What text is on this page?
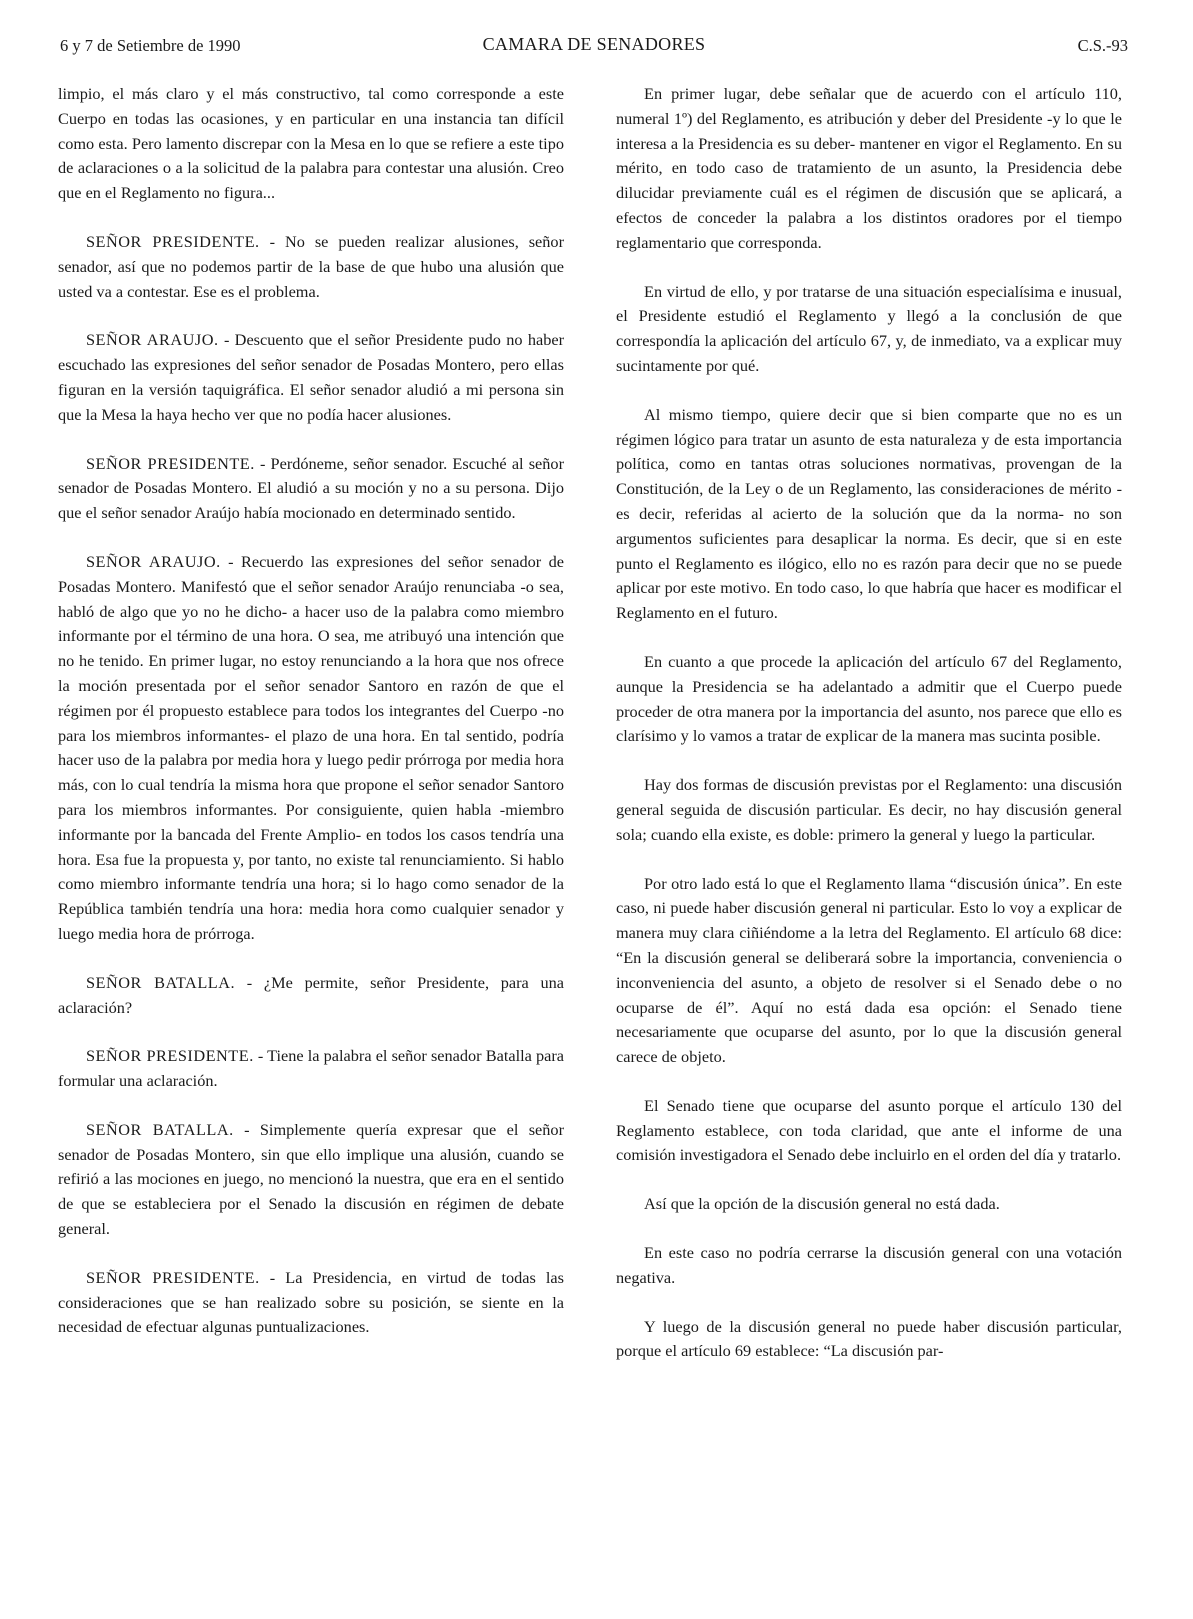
6 y 7 de Setiembre de 1990	CAMARA DE SENADORES	C.S.-93

limpio, el más claro y el más constructivo, tal como corresponde a este Cuerpo en todas las ocasiones, y en particular en una instancia tan difícil como esta. Pero lamento discrepar con la Mesa en lo que se refiere a este tipo de aclaraciones o a la solicitud de la palabra para contestar una alusión. Creo que en el Reglamento no figura...

SEÑOR PRESIDENTE. - No se pueden realizar alusiones, señor senador, así que no podemos partir de la base de que hubo una alusión que usted va a contestar. Ese es el problema.

SEÑOR ARAUJO. - Descuento que el señor Presidente pudo no haber escuchado las expresiones del señor senador de Posadas Montero, pero ellas figuran en la versión taquigráfica. El señor senador aludió a mi persona sin que la Mesa la haya hecho ver que no podía hacer alusiones.

SEÑOR PRESIDENTE. - Perdóneme, señor senador. Escuché al señor senador de Posadas Montero. El aludió a su moción y no a su persona. Dijo que el señor senador Araújo había mocionado en determinado sentido.

SEÑOR ARAUJO. - Recuerdo las expresiones del señor senador de Posadas Montero. Manifestó que el señor senador Araújo renunciaba -o sea, habló de algo que yo no he dicho- a hacer uso de la palabra como miembro informante por el término de una hora. O sea, me atribuyó una intención que no he tenido. En primer lugar, no estoy renunciando a la hora que nos ofrece la moción presentada por el señor senador Santoro en razón de que el régimen por él propuesto establece para todos los integrantes del Cuerpo -no para los miembros informantes- el plazo de una hora. En tal sentido, podría hacer uso de la palabra por media hora y luego pedir prórroga por media hora más, con lo cual tendría la misma hora que propone el señor senador Santoro para los miembros informantes. Por consiguiente, quien habla -miembro informante por la bancada del Frente Amplio- en todos los casos tendría una hora. Esa fue la propuesta y, por tanto, no existe tal renunciamiento. Si hablo como miembro informante tendría una hora; si lo hago como senador de la República también tendría una hora: media hora como cualquier senador y luego media hora de prórroga.

SEÑOR BATALLA. - ¿Me permite, señor Presidente, para una aclaración?

SEÑOR PRESIDENTE. - Tiene la palabra el señor senador Batalla para formular una aclaración.

SEÑOR BATALLA. - Simplemente quería expresar que el señor senador de Posadas Montero, sin que ello implique una alusión, cuando se refirió a las mociones en juego, no mencionó la nuestra, que era en el sentido de que se estableciera por el Senado la discusión en régimen de debate general.

SEÑOR PRESIDENTE. - La Presidencia, en virtud de todas las consideraciones que se han realizado sobre su posición, se siente en la necesidad de efectuar algunas puntualizaciones.

En primer lugar, debe señalar que de acuerdo con el artículo 110, numeral 1º) del Reglamento, es atribución y deber del Presidente -y lo que le interesa a la Presidencia es su deber- mantener en vigor el Reglamento. En su mérito, en todo caso de tratamiento de un asunto, la Presidencia debe dilucidar previamente cuál es el régimen de discusión que se aplicará, a efectos de conceder la palabra a los distintos oradores por el tiempo reglamentario que corresponda.

En virtud de ello, y por tratarse de una situación especialísima e inusual, el Presidente estudió el Reglamento y llegó a la conclusión de que correspondía la aplicación del artículo 67, y, de inmediato, va a explicar muy sucintamente por qué.

Al mismo tiempo, quiere decir que si bien comparte que no es un régimen lógico para tratar un asunto de esta naturaleza y de esta importancia política, como en tantas otras soluciones normativas, provengan de la Constitución, de la Ley o de un Reglamento, las consideraciones de mérito -es decir, referidas al acierto de la solución que da la norma- no son argumentos suficientes para desaplicar la norma. Es decir, que si en este punto el Reglamento es ilógico, ello no es razón para decir que no se puede aplicar por este motivo. En todo caso, lo que habría que hacer es modificar el Reglamento en el futuro.

En cuanto a que procede la aplicación del artículo 67 del Reglamento, aunque la Presidencia se ha adelantado a admitir que el Cuerpo puede proceder de otra manera por la importancia del asunto, nos parece que ello es clarísimo y lo vamos a tratar de explicar de la manera mas sucinta posible.

Hay dos formas de discusión previstas por el Reglamento: una discusión general seguida de discusión particular. Es decir, no hay discusión general sola; cuando ella existe, es doble: primero la general y luego la particular.

Por otro lado está lo que el Reglamento llama “discusión única”. En este caso, ni puede haber discusión general ni particular. Esto lo voy a explicar de manera muy clara ciñiéndome a la letra del Reglamento. El artículo 68 dice: “En la discusión general se deliberará sobre la importancia, conveniencia o inconveniencia del asunto, a objeto de resolver si el Senado debe o no ocuparse de él”. Aquí no está dada esa opción: el Senado tiene necesariamente que ocuparse del asunto, por lo que la discusión general carece de objeto.

El Senado tiene que ocuparse del asunto porque el artículo 130 del Reglamento establece, con toda claridad, que ante el informe de una comisión investigadora el Senado debe incluirlo en el orden del día y tratarlo.

Así que la opción de la discusión general no está dada.

En este caso no podría cerrarse la discusión general con una votación negativa.

Y luego de la discusión general no puede haber discusión particular, porque el artículo 69 establece: “La discusión par-
